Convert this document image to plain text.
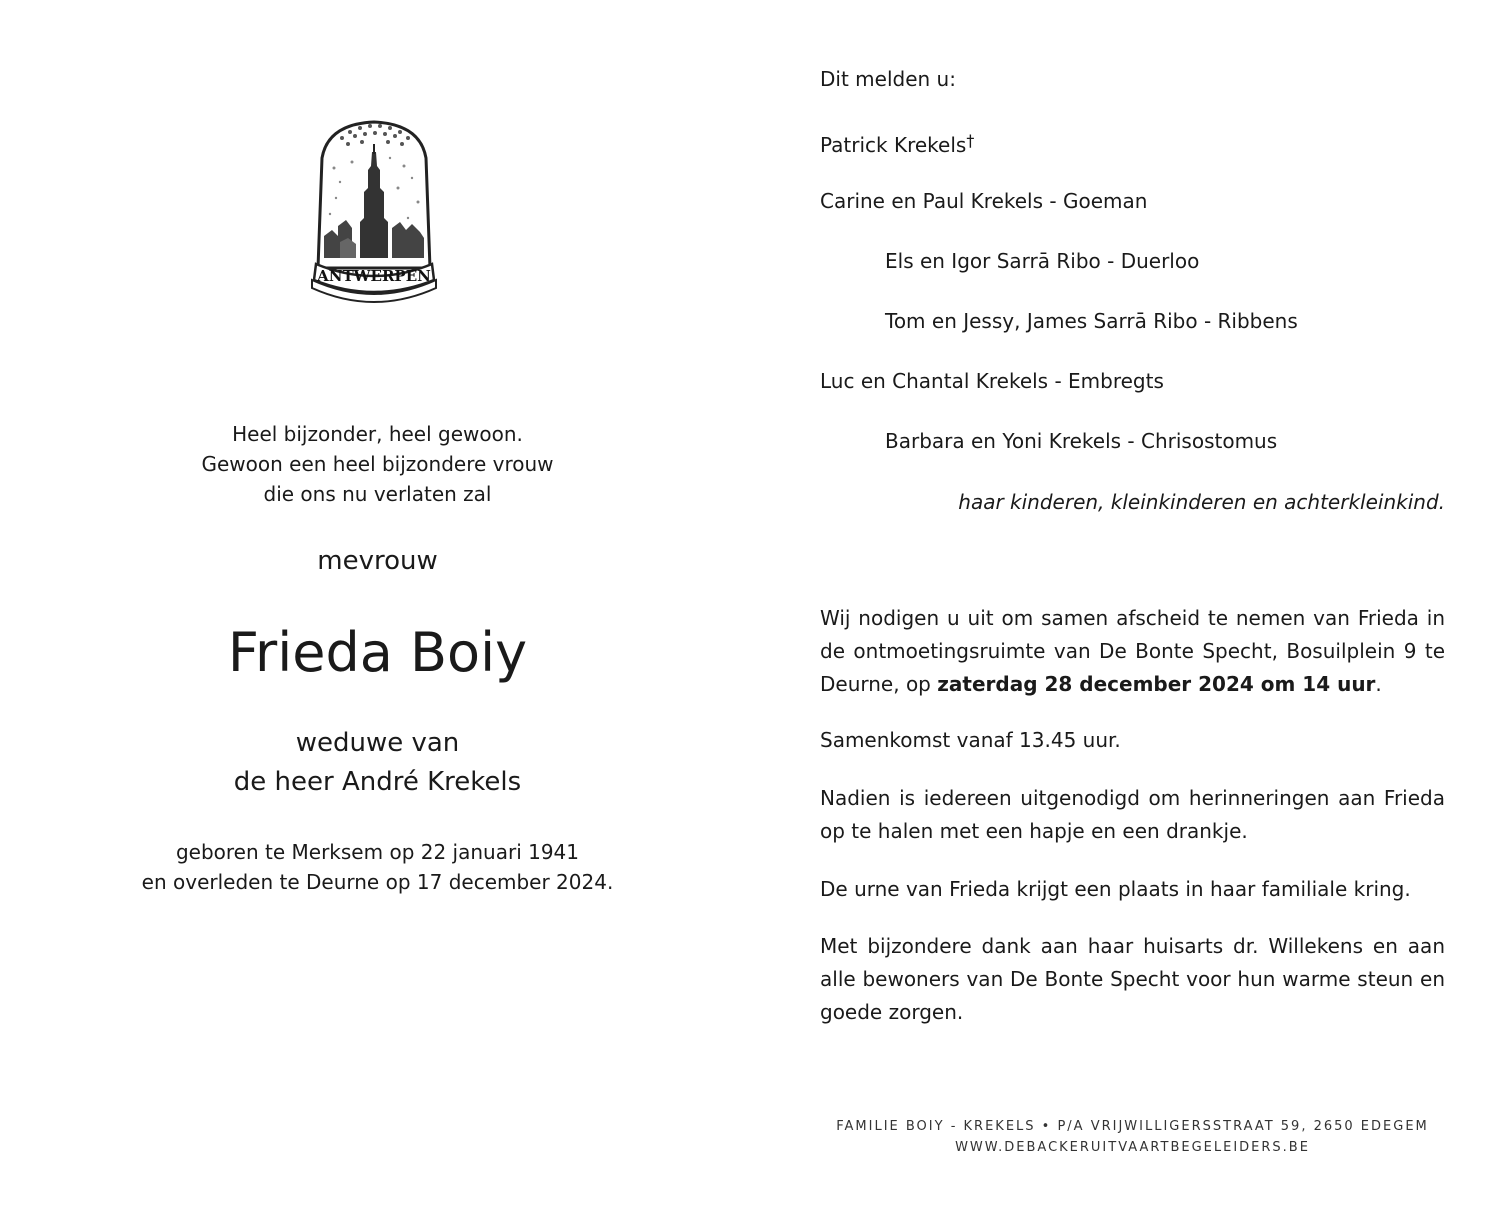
ANTWERPEN
Heel bijzonder, heel gewoon.
Gewoon een heel bijzondere vrouw
die ons nu verlaten zal
mevrouw
Frieda Boiy
weduwe van
de heer André Krekels
geboren te Merksem op 22 januari 1941
en overleden te Deurne op 17 december 2024.
Dit melden u:
Patrick Krekels†
Carine en Paul Krekels - Goeman
Els en Igor Sarrā Ribo - Duerloo
Tom en Jessy, James Sarrā Ribo - Ribbens
Luc en Chantal Krekels - Embregts
Barbara en Yoni Krekels - Chrisostomus
haar kinderen, kleinkinderen en achterkleinkind.
Wij nodigen u uit om samen afscheid te nemen van Frieda in de ontmoetingsruimte van De Bonte Specht, Bosuilplein 9 te Deurne, op zaterdag 28 december 2024 om 14 uur.
Samenkomst vanaf 13.45 uur.
Nadien is iedereen uitgenodigd om herinneringen aan Frieda op te halen met een hapje en een drankje.
De urne van Frieda krijgt een plaats in haar familiale kring.
Met bijzondere dank aan haar huisarts dr. Willekens en aan alle bewoners van De Bonte Specht voor hun warme steun en goede zorgen.
FAMILIE BOIY - KREKELS • P/A VRIJWILLIGERSSTRAAT 59, 2650 EDEGEM
WWW.DEBACKERUITVAARTBEGELEIDERS.BE
